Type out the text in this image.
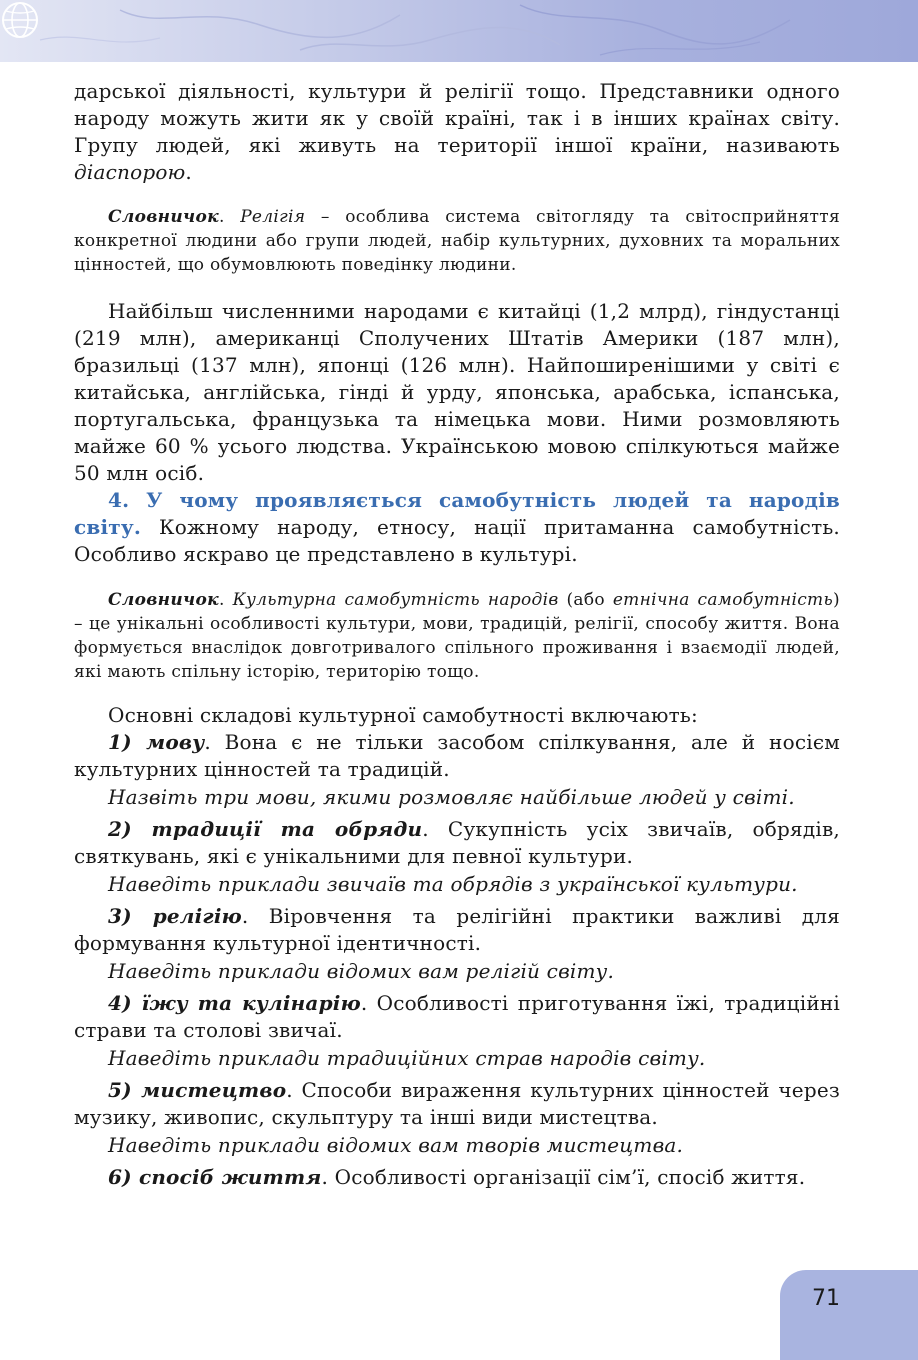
дарської діяльності, культури й релігії тощо. Представники одного народу можуть жити як у своїй країні, так і в інших країнах світу. Групу людей, які живуть на території іншої країни, називають діаспорою.

Словничок. Релігія – особлива система світогляду та світосприйняття конкретної людини або групи людей, набір культурних, духовних та моральних цінностей, що обумовлюють поведінку людини.

Найбільш численними народами є китайці (1,2 млрд), гіндустанці (219 млн), американці Сполучених Штатів Америки (187 млн), бразильці (137 млн), японці (126 млн). Найпоширенішими у світі є китайська, англійська, гінді й урду, японська, арабська, іспанська, португальська, французька та німецька мови. Ними розмовляють майже 60 % усього людства. Українською мовою спілкуються майже 50 млн осіб.

4. У чому проявляється самобутність людей та народів світу. Кожному народу, етносу, нації притаманна самобутність. Особливо яскраво це представлено в культурі.

Словничок. Культурна самобутність народів (або етнічна самобутність) – це унікальні особливості культури, мови, традицій, релігії, способу життя. Вона формується внаслідок довготривалого спільного проживання і взаємодії людей, які мають спільну історію, територію тощо.

Основні складові культурної самобутності включають:

1) мову. Вона є не тільки засобом спілкування, але й носієм культурних цінностей та традицій.

Назвіть три мови, якими розмовляє найбільше людей у світі.

2) традиції та обряди. Сукупність усіх звичаїв, обрядів, святкувань, які є унікальними для певної культури.

Наведіть приклади звичаїв та обрядів з української культури.

3) релігію. Віровчення та релігійні практики важливі для формування культурної ідентичності.

Наведіть приклади відомих вам релігій світу.

4) їжу та кулінарію. Особливості приготування їжі, традиційні страви та столові звичаї.

Наведіть приклади традиційних страв народів світу.

5) мистецтво. Способи вираження культурних цінностей через музику, живопис, скульптуру та інші види мистецтва.

Наведіть приклади відомих вам творів мистецтва.

6) спосіб життя. Особливості організації сім’ї, спосіб життя.

71
